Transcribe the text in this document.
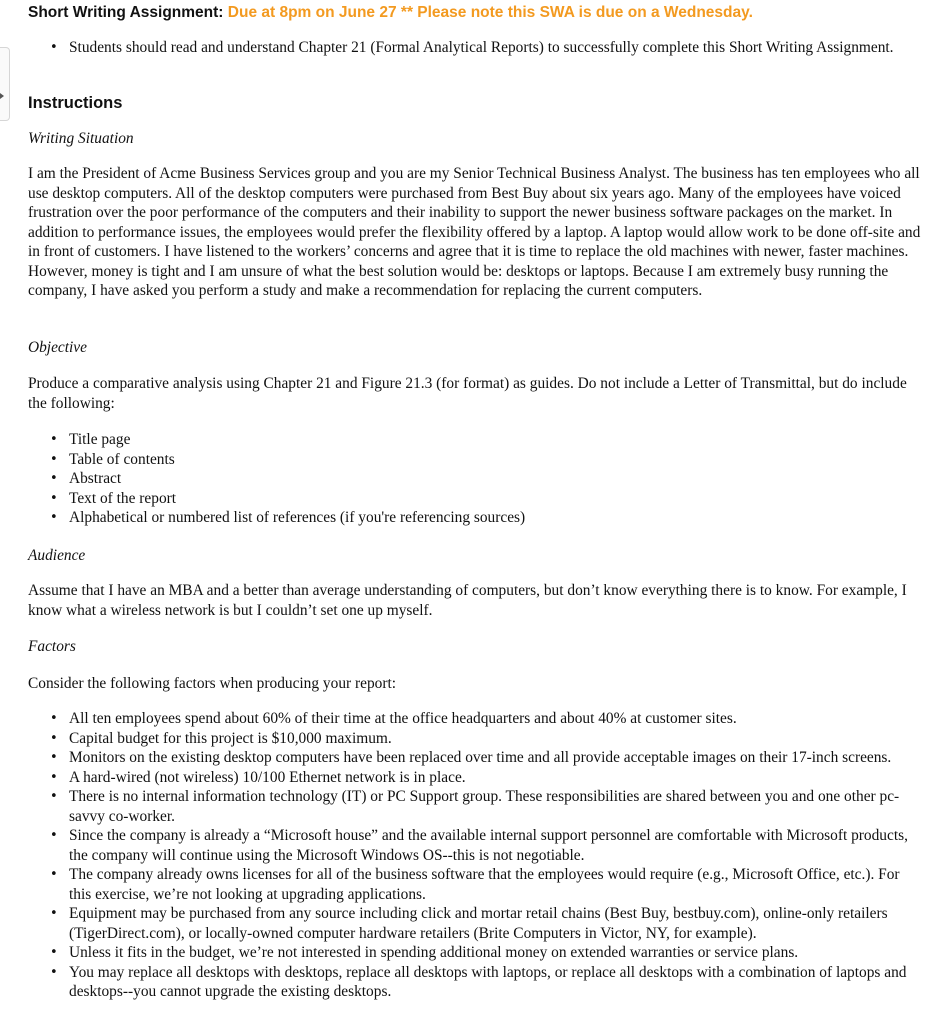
Short Writing Assignment: Due at 8pm on June 27 ** Please note this SWA is due on a Wednesday.
• Students should read and understand Chapter 21 (Formal Analytical Reports) to successfully complete this Short Writing Assignment.
Instructions
Writing Situation

I am the President of Acme Business Services group and you are my Senior Technical Business Analyst. The business has ten employees who all use desktop computers. All of the desktop computers were purchased from Best Buy about six years ago. Many of the employees have voiced frustration over the poor performance of the computers and their inability to support the newer business software packages on the market. In addition to performance issues, the employees would prefer the flexibility offered by a laptop. A laptop would allow work to be done off-site and in front of customers. I have listened to the workers’ concerns and agree that it is time to replace the old machines with newer, faster machines. However, money is tight and I am unsure of what the best solution would be: desktops or laptops. Because I am extremely busy running the company, I have asked you perform a study and make a recommendation for replacing the current computers.

Objective

Produce a comparative analysis using Chapter 21 and Figure 21.3 (for format) as guides. Do not include a Letter of Transmittal, but do include the following:

• Title page
• Table of contents
• Abstract
• Text of the report
• Alphabetical or numbered list of references (if you're referencing sources)
Audience

Assume that I have an MBA and a better than average understanding of computers, but don’t know everything there is to know. For example, I know what a wireless network is but I couldn’t set one up myself.

Factors

Consider the following factors when producing your report:

• All ten employees spend about 60% of their time at the office headquarters and about 40% at customer sites.
• Capital budget for this project is $10,000 maximum.
• Monitors on the existing desktop computers have been replaced over time and all provide acceptable images on their 17-inch screens.
• A hard-wired (not wireless) 10/100 Ethernet network is in place.
• There is no internal information technology (IT) or PC Support group. These responsibilities are shared between you and one other pc-savvy co-worker.
• Since the company is already a “Microsoft house” and the available internal support personnel are comfortable with Microsoft products, the company will continue using the Microsoft Windows OS--this is not negotiable.
• The company already owns licenses for all of the business software that the employees would require (e.g., Microsoft Office, etc.). For this exercise, we’re not looking at upgrading applications.
• Equipment may be purchased from any source including click and mortar retail chains (Best Buy, bestbuy.com), online-only retailers (TigerDirect.com), or locally-owned computer hardware retailers (Brite Computers in Victor, NY, for example).
• Unless it fits in the budget, we’re not interested in spending additional money on extended warranties or service plans.
• You may replace all desktops with desktops, replace all desktops with laptops, or replace all desktops with a combination of laptops and desktops--you cannot upgrade the existing desktops.
